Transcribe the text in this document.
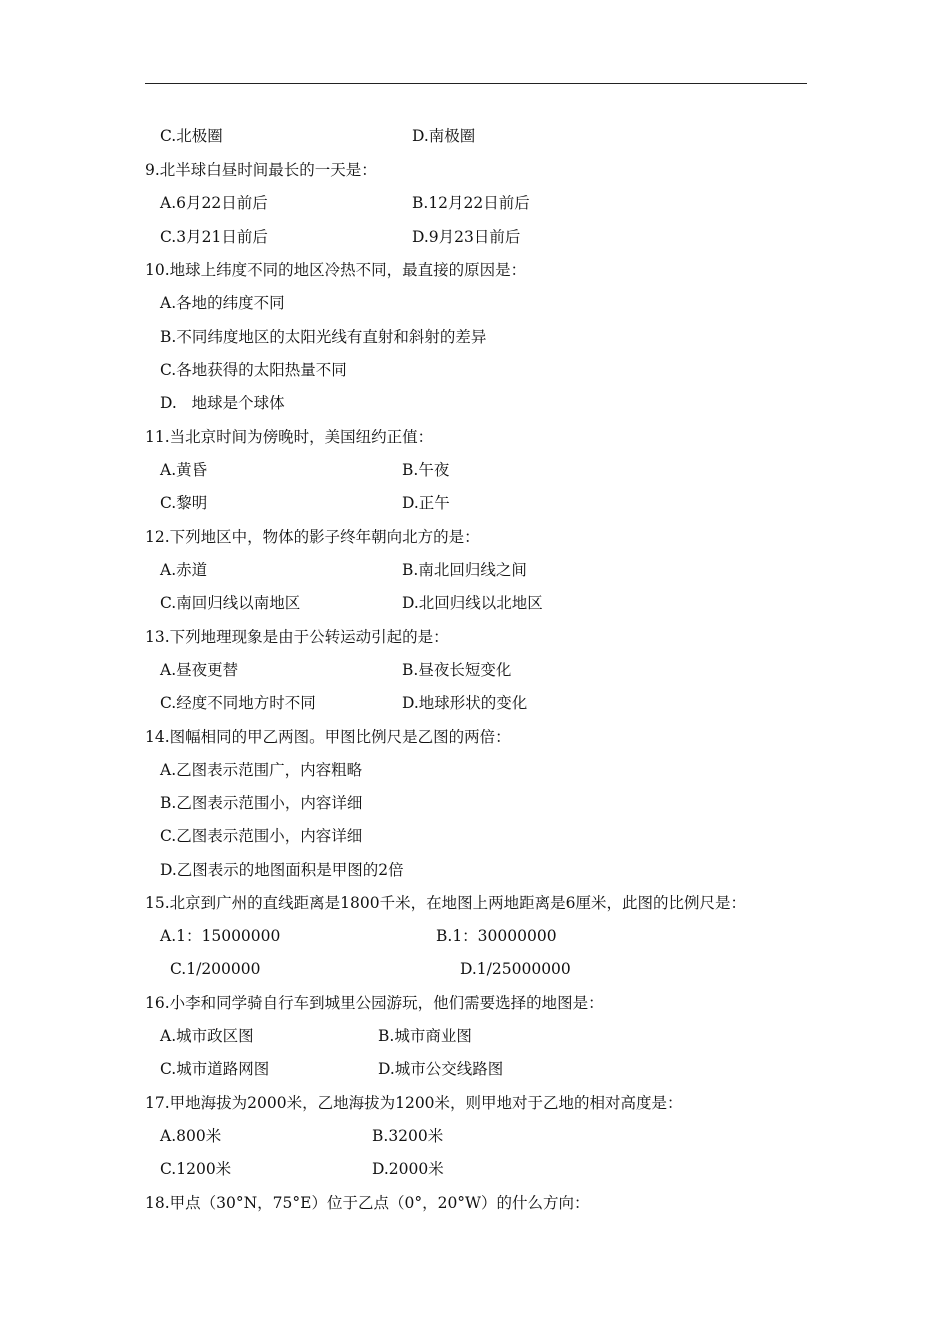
C.北极圈	D.南极圈
9.北半球白昼时间最长的一天是：
A.6月22日前后	B.12月22日前后
C.3月21日前后	D.9月23日前后
10.地球上纬度不同的地区冷热不同，最直接的原因是：
A.各地的纬度不同
B.不同纬度地区的太阳光线有直射和斜射的差异
C.各地获得的太阳热量不同
D.   地球是个球体
11.当北京时间为傍晚时，美国纽约正值：
A.黄昏	B.午夜
C.黎明	D.正午
12.下列地区中，物体的影子终年朝向北方的是：
A.赤道	B.南北回归线之间
C.南回归线以南地区	D.北回归线以北地区
13.下列地理现象是由于公转运动引起的是：
A.昼夜更替	B.昼夜长短变化
C.经度不同地方时不同	D.地球形状的变化
14.图幅相同的甲乙两图。甲图比例尺是乙图的两倍：
A.乙图表示范围广，内容粗略
B.乙图表示范围小，内容详细
C.乙图表示范围小，内容详细
D.乙图表示的地图面积是甲图的2倍
15.北京到广州的直线距离是1800千米，在地图上两地距离是6厘米，此图的比例尺是：
A.1：15000000	B.1：30000000
C.1/200000	D.1/25000000
16.小李和同学骑自行车到城里公园游玩，他们需要选择的地图是：
A.城市政区图	B.城市商业图
C.城市道路网图	D.城市公交线路图
17.甲地海拔为2000米，乙地海拔为1200米，则甲地对于乙地的相对高度是：
A.800米	B.3200米
C.1200米	D.2000米
18.甲点（30°N，75°E）位于乙点（0°，20°W）的什么方向：
